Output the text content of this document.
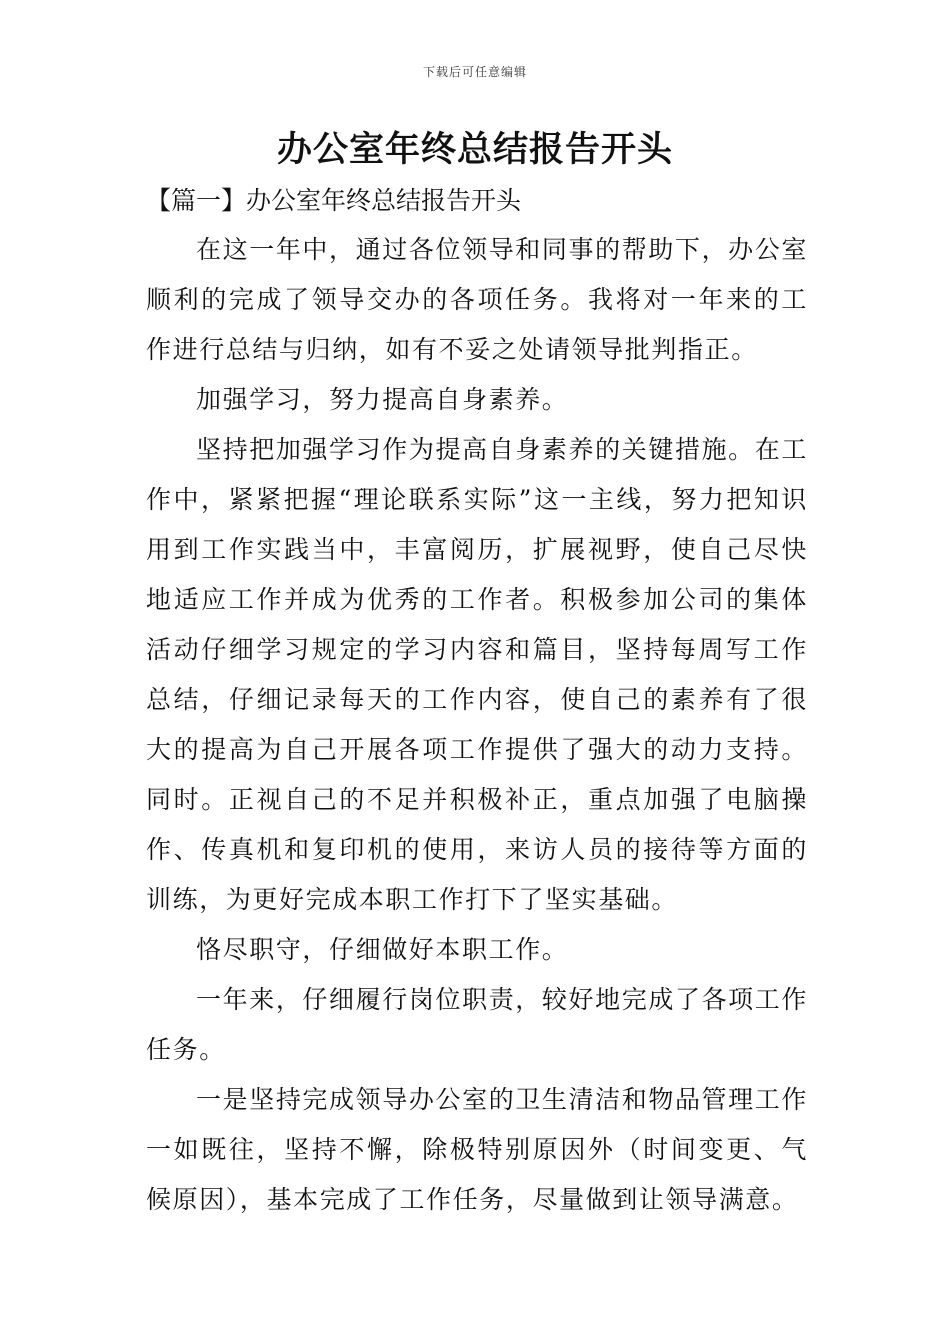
下载后可任意编辑
办公室年终总结报告开头

【篇一】办公室年终总结报告开头

在这一年中，通过各位领导和同事的帮助下，办公室顺利的完成了领导交办的各项任务。我将对一年来的工作进行总结与归纳，如有不妥之处请领导批判指正。

加强学习，努力提高自身素养。

坚持把加强学习作为提高自身素养的关键措施。在工作中，紧紧把握“理论联系实际”这一主线，努力把知识用到工作实践当中，丰富阅历，扩展视野，使自己尽快地适应工作并成为优秀的工作者。积极参加公司的集体活动仔细学习规定的学习内容和篇目，坚持每周写工作总结，仔细记录每天的工作内容，使自己的素养有了很大的提高为自己开展各项工作提供了强大的动力支持。同时。正视自己的不足并积极补正，重点加强了电脑操作、传真机和复印机的使用，来访人员的接待等方面的训练，为更好完成本职工作打下了坚实基础。

恪尽职守，仔细做好本职工作。

一年来，仔细履行岗位职责，较好地完成了各项工作任务。

一是坚持完成领导办公室的卫生清洁和物品管理工作一如既往，坚持不懈，除极特别原因外（时间变更、气候原因），基本完成了工作任务，尽量做到让领导满意。
